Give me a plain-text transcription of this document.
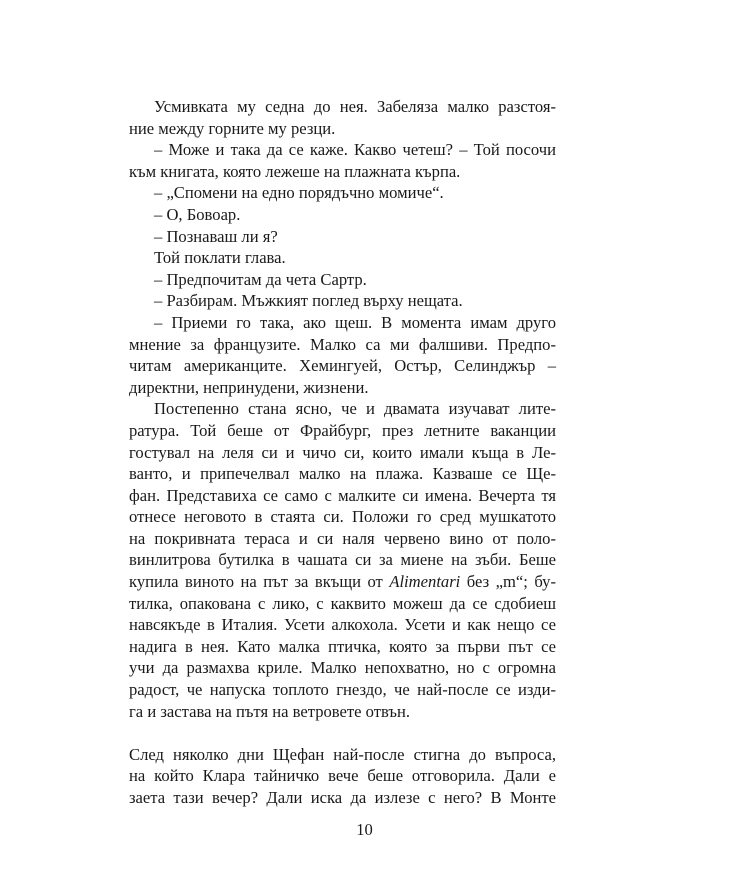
Усмивката му седна до нея. Забеляза малко разстоя-
ние между горните му резци.
– Може и така да се каже. Какво четеш? – Той посочи
към книгата, която лежеше на плажната кърпа.
– „Спомени на едно порядъчно момиче“.
– О, Бовоар.
– Познаваш ли я?
Той поклати глава.
– Предпочитам да чета Сартр.
– Разбирам. Мъжкият поглед върху нещата.
– Приеми го така, ако щеш. В момента имам друго
мнение за французите. Малко са ми фалшиви. Предпо-
читам американците. Хемингуей, Остър, Селинджър –
директни, непринудени, жизнени.
Постепенно стана ясно, че и двамата изучават лите-
ратура. Той беше от Фрайбург, през летните ваканции
гостувал на леля си и чичо си, които имали къща в Ле-
ванто, и припечелвал малко на плажа. Казваше се Ще-
фан. Представиха се само с малките си имена. Вечерта тя
отнесе неговото в стаята си. Положи го сред мушкатото
на покривната тераса и си наля червено вино от поло-
винлитрова бутилка в чашата си за миене на зъби. Беше
купила виното на път за вкъщи от Alimentari без „m“; бу-
тилка, опакована с лико, с каквито можеш да се сдобиеш
навсякъде в Италия. Усети алкохола. Усети и как нещо се
надига в нея. Като малка птичка, която за първи път се
учи да размахва криле. Малко непохватно, но с огромна
радост, че напуска топлото гнездо, че най-после се изди-
га и застава на пътя на ветровете отвън.
След няколко дни Щефан най-после стигна до въпроса,
на който Клара тайничко вече беше отговорила. Дали е
заета тази вечер? Дали иска да излезе с него? В Монте
10
